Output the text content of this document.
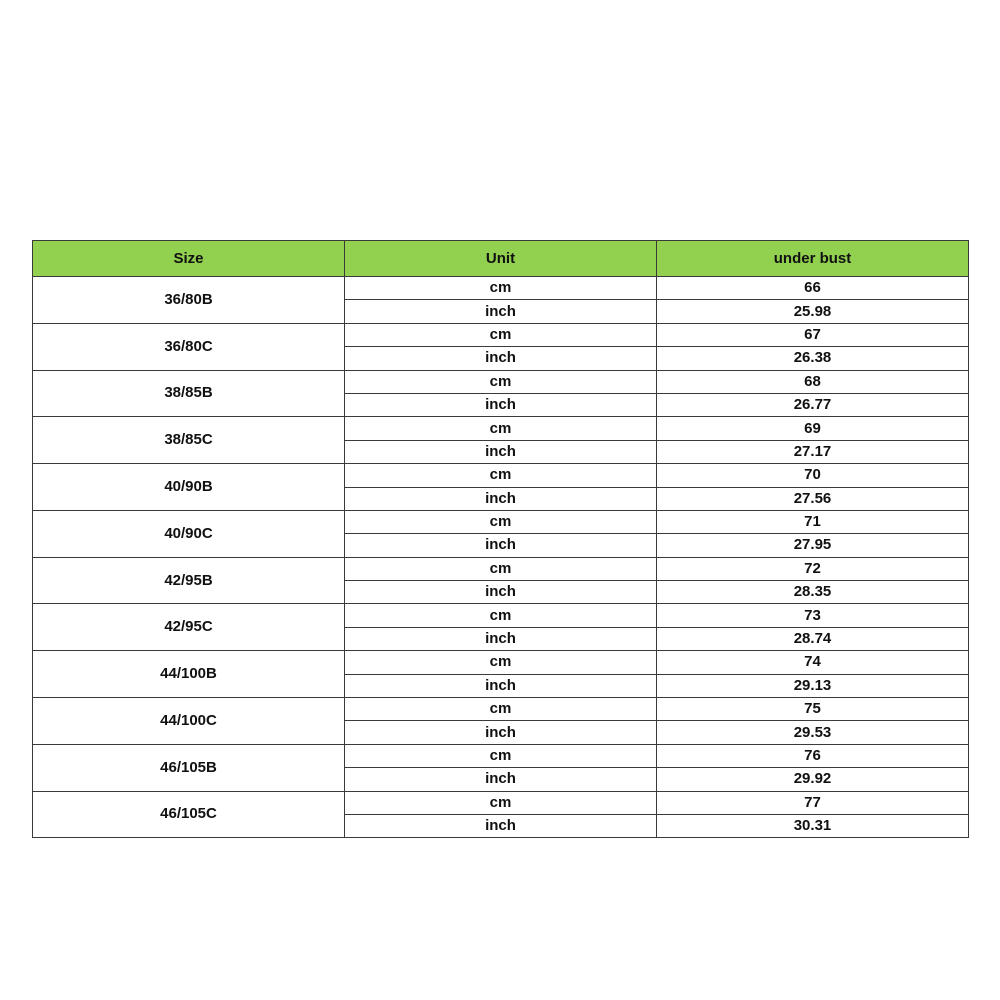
Size	Unit	under bust
36/80B	cm	66
	inch	25.98
36/80C	cm	67
	inch	26.38
38/85B	cm	68
	inch	26.77
38/85C	cm	69
	inch	27.17
40/90B	cm	70
	inch	27.56
40/90C	cm	71
	inch	27.95
42/95B	cm	72
	inch	28.35
42/95C	cm	73
	inch	28.74
44/100B	cm	74
	inch	29.13
44/100C	cm	75
	inch	29.53
46/105B	cm	76
	inch	29.92
46/105C	cm	77
	inch	30.31
